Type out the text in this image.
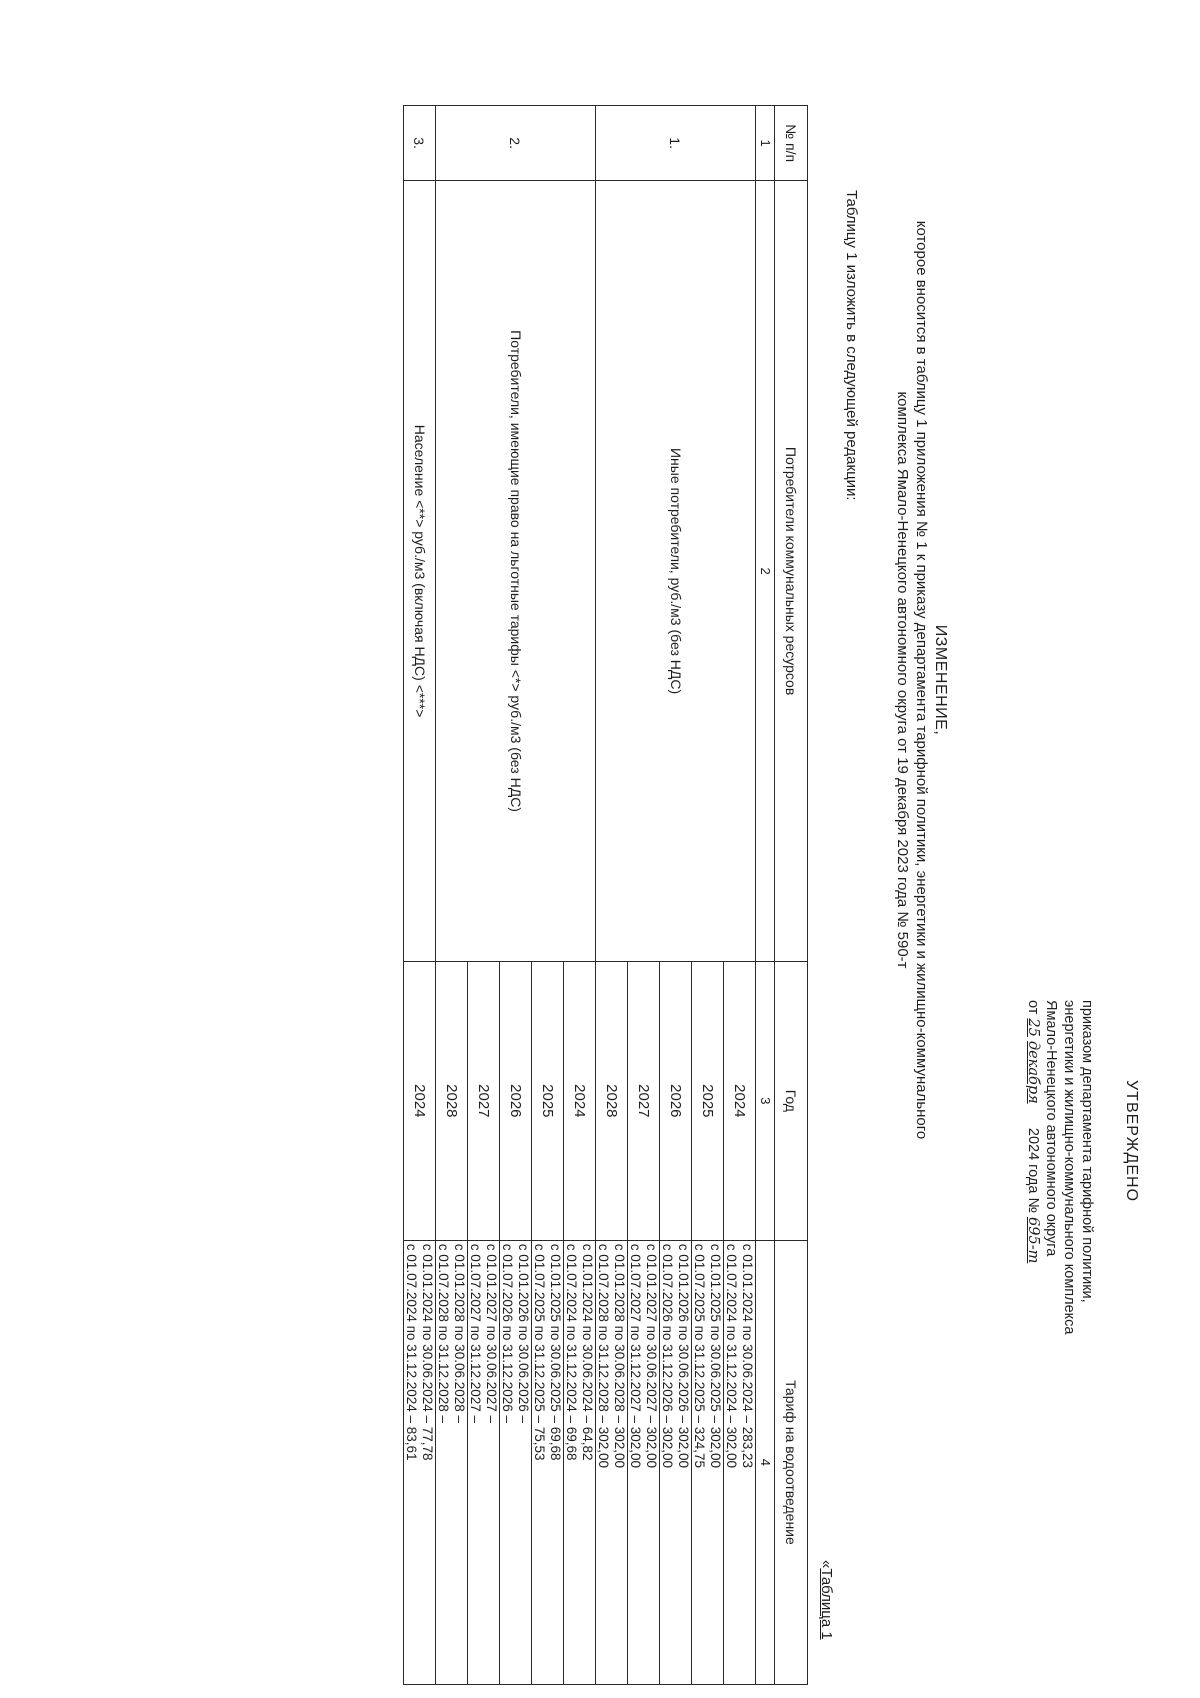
УТВЕРЖДЕНО
приказом департамента тарифной политики,
энергетики и жилищно-коммунального комплекса
Ямало-Ненецкого автономного округа
от 25 декабря      2024 года № 695-т
ИЗМЕНЕНИЕ,
которое вносится в таблицу 1 приложения № 1 к приказу департамента тарифной политики, энергетики и жилищно-коммунального
комплекса Ямало-Ненецкого автономного округа от 19 декабря 2023 года № 590-т
Таблицу 1 изложить в следующей редакции:
«Таблица 1
№ п/п	Потребители коммунальных ресурсов	Год	Тариф на водоотведение
1	2	3	4
1.	Иные потребители, руб./м3 (без НДС)	2024	с 01.01.2024 по 30.06.2024 – 283,23
с 01.07.2024 по 31.12.2024 – 302,00

		2025	с 01.01.2025 по 30.06.2025 – 302,00
с 01.07.2025 по 31.12.2025 – 324,75

		2026	с 01.01.2026 по 30.06.2026 – 302,00
с 01.07.2026 по 31.12.2026 – 302,00

		2027	с 01.01.2027 по 30.06.2027 – 302,00
с 01.07.2027 по 31.12.2027 – 302,00

		2028	с 01.01.2028 по 30.06.2028 – 302,00
с 01.07.2028 по 31.12.2028 – 302,00

2.	Потребители, имеющие право на льготные тарифы <*> руб./м3 (без НДС)	2024	с 01.01.2024 по 30.06.2024 – 64,82
с 01.07.2024 по 31.12.2024 – 69,68

		2025	с 01.01.2025 по 30.06.2025 – 69,68
с 01.07.2025 по 31.12.2025 – 75,53

		2026	с 01.01.2026 по 30.06.2026 –
с 01.07.2026 по 31.12.2026 –

		2027	с 01.01.2027 по 30.06.2027 –
с 01.07.2027 по 31.12.2027 –

		2028	с 01.01.2028 по 30.06.2028 –
с 01.07.2028 по 31.12.2028 –

3.	Население <**> руб./м3 (включая НДС) <***>	2024	с 01.01.2024 по 30.06.2024 – 77,78
с 01.07.2024 по 31.12.2024 – 83,61
